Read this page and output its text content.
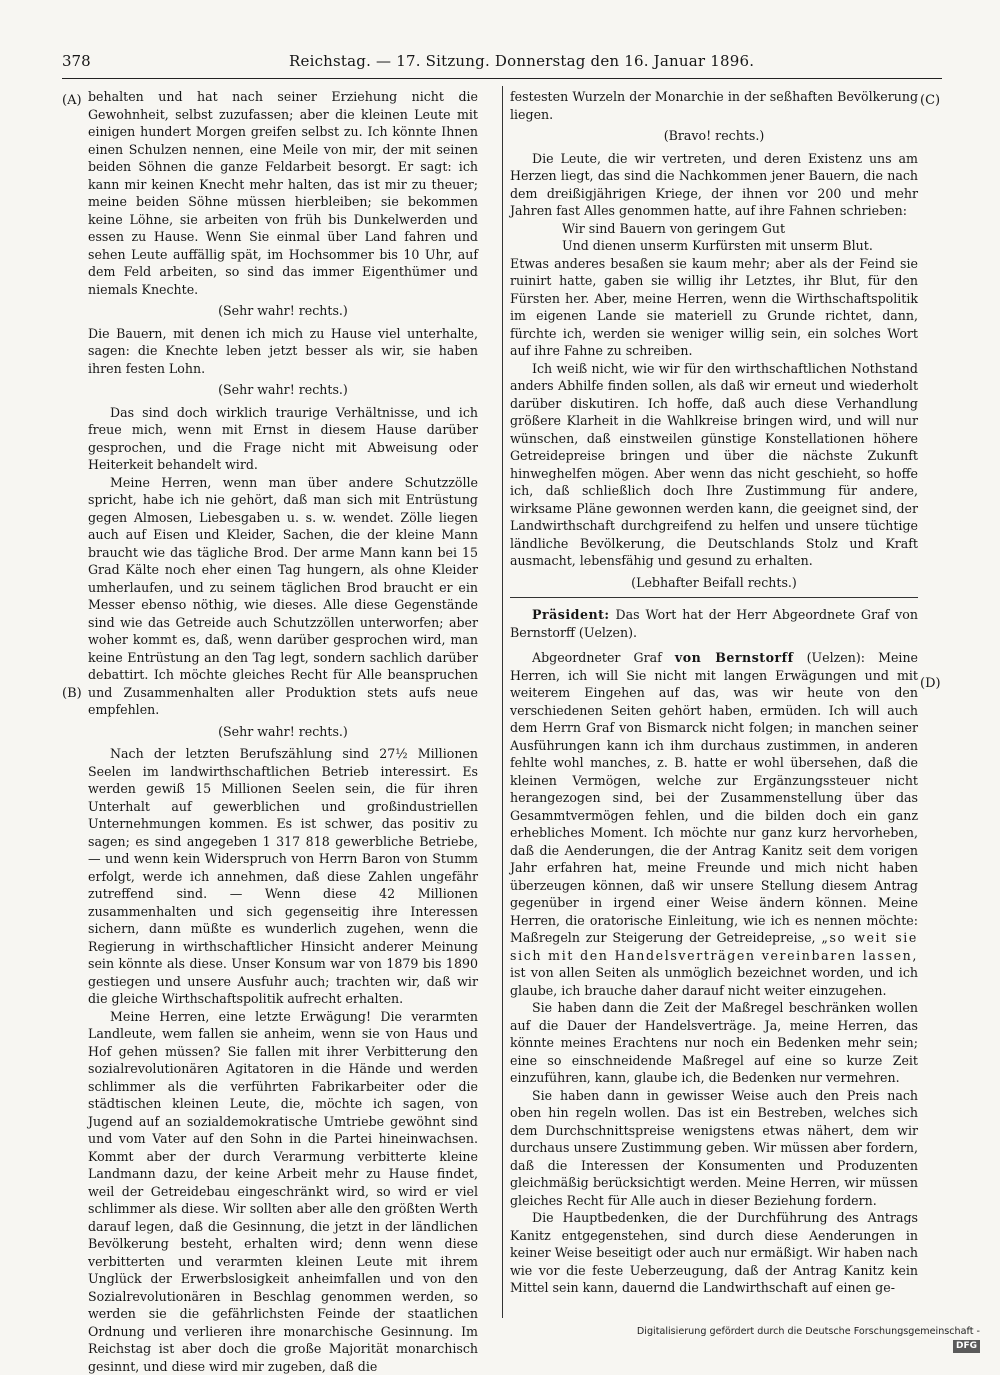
378	Reichstag. — 17. Sitzung. Donnerstag den 16. Januar 1896.
(A)
(B)
(C)
(D)

behalten und hat nach seiner Erziehung nicht die Gewohnheit, selbst zuzufassen; aber die kleinen Leute mit einigen hundert Morgen greifen selbst zu. Ich könnte Ihnen einen Schulzen nennen, eine Meile von mir, der mit seinen beiden Söhnen die ganze Feldarbeit besorgt. Er sagt: ich kann mir keinen Knecht mehr halten, das ist mir zu theuer; meine beiden Söhne müssen hierbleiben; sie bekommen keine Löhne, sie arbeiten von früh bis Dunkelwerden und essen zu Hause. Wenn Sie einmal über Land fahren und sehen Leute auffällig spät, im Hochsommer bis 10 Uhr, auf dem Feld arbeiten, so sind das immer Eigenthümer und niemals Knechte.

(Sehr wahr! rechts.)

Die Bauern, mit denen ich mich zu Hause viel unterhalte, sagen: die Knechte leben jetzt besser als wir, sie haben ihren festen Lohn.

(Sehr wahr! rechts.)

Das sind doch wirklich traurige Verhältnisse, und ich freue mich, wenn mit Ernst in diesem Hause darüber gesprochen, und die Frage nicht mit Abweisung oder Heiterkeit behandelt wird.

Meine Herren, wenn man über andere Schutzzölle spricht, habe ich nie gehört, daß man sich mit Entrüstung gegen Almosen, Liebesgaben u. s. w. wendet. Zölle liegen auch auf Eisen und Kleider, Sachen, die der kleine Mann braucht wie das tägliche Brod. Der arme Mann kann bei 15 Grad Kälte noch eher einen Tag hungern, als ohne Kleider umherlaufen, und zu seinem täglichen Brod braucht er ein Messer ebenso nöthig, wie dieses. Alle diese Gegenstände sind wie das Getreide auch Schutzzöllen unterworfen; aber woher kommt es, daß, wenn darüber gesprochen wird, man keine Entrüstung an den Tag legt, sondern sachlich darüber debattirt. Ich möchte gleiches Recht für Alle beanspruchen und Zusammenhalten aller Produktion stets aufs neue empfehlen.

(Sehr wahr! rechts.)

Nach der letzten Berufszählung sind 27½ Millionen Seelen im landwirthschaftlichen Betrieb interessirt. Es werden gewiß 15 Millionen Seelen sein, die für ihren Unterhalt auf gewerblichen und großindustriellen Unternehmungen kommen. Es ist schwer, das positiv zu sagen; es sind angegeben 1 317 818 gewerbliche Betriebe, — und wenn kein Widerspruch von Herrn Baron von Stumm erfolgt, werde ich annehmen, daß diese Zahlen ungefähr zutreffend sind. — Wenn diese 42 Millionen zusammenhalten und sich gegenseitig ihre Interessen sichern, dann müßte es wunderlich zugehen, wenn die Regierung in wirthschaftlicher Hinsicht anderer Meinung sein könnte als diese. Unser Konsum war von 1879 bis 1890 gestiegen und unsere Ausfuhr auch; trachten wir, daß wir die gleiche Wirthschaftspolitik aufrecht erhalten.

Meine Herren, eine letzte Erwägung! Die verarmten Landleute, wem fallen sie anheim, wenn sie von Haus und Hof gehen müssen? Sie fallen mit ihrer Verbitterung den sozialrevolutionären Agitatoren in die Hände und werden schlimmer als die verführten Fabrikarbeiter oder die städtischen kleinen Leute, die, möchte ich sagen, von Jugend auf an sozialdemokratische Umtriebe gewöhnt sind und vom Vater auf den Sohn in die Partei hineinwachsen. Kommt aber der durch Verarmung verbitterte kleine Landmann dazu, der keine Arbeit mehr zu Hause findet, weil der Getreidebau eingeschränkt wird, so wird er viel schlimmer als diese. Wir sollten aber alle den größten Werth darauf legen, daß die Gesinnung, die jetzt in der ländlichen Bevölkerung besteht, erhalten wird; denn wenn diese verbitterten und verarmten kleinen Leute mit ihrem Unglück der Erwerbslosigkeit anheimfallen und von den Sozialrevolutionären in Beschlag genommen werden, so werden sie die gefährlichsten Feinde der staatlichen Ordnung und verlieren ihre monarchische Gesinnung. Im Reichstag ist aber doch die große Majorität monarchisch gesinnt, und diese wird mir zugeben, daß die

festesten Wurzeln der Monarchie in der seßhaften Bevölkerung liegen.

(Bravo! rechts.)

Die Leute, die wir vertreten, und deren Existenz uns am Herzen liegt, das sind die Nachkommen jener Bauern, die nach dem dreißigjährigen Kriege, der ihnen vor 200 und mehr Jahren fast Alles genommen hatte, auf ihre Fahnen schrieben:

Wir sind Bauern von geringem Gut

Und dienen unserm Kurfürsten mit unserm Blut.

Etwas anderes besaßen sie kaum mehr; aber als der Feind sie ruinirt hatte, gaben sie willig ihr Letztes, ihr Blut, für den Fürsten her. Aber, meine Herren, wenn die Wirthschaftspolitik im eigenen Lande sie materiell zu Grunde richtet, dann, fürchte ich, werden sie weniger willig sein, ein solches Wort auf ihre Fahne zu schreiben.

Ich weiß nicht, wie wir für den wirthschaftlichen Nothstand anders Abhilfe finden sollen, als daß wir erneut und wiederholt darüber diskutiren. Ich hoffe, daß auch diese Verhandlung größere Klarheit in die Wahlkreise bringen wird, und will nur wünschen, daß einstweilen günstige Konstellationen höhere Getreidepreise bringen und über die nächste Zukunft hinweghelfen mögen. Aber wenn das nicht geschieht, so hoffe ich, daß schließlich doch Ihre Zustimmung für andere, wirksame Pläne gewonnen werden kann, die geeignet sind, der Landwirthschaft durchgreifend zu helfen und unsere tüchtige ländliche Bevölkerung, die Deutschlands Stolz und Kraft ausmacht, lebensfähig und gesund zu erhalten.

(Lebhafter Beifall rechts.)

Präsident: Das Wort hat der Herr Abgeordnete Graf von Bernstorff (Uelzen).

Abgeordneter Graf von Bernstorff (Uelzen): Meine Herren, ich will Sie nicht mit langen Erwägungen und mit weiterem Eingehen auf das, was wir heute von den verschiedenen Seiten gehört haben, ermüden. Ich will auch dem Herrn Graf von Bismarck nicht folgen; in manchen seiner Ausführungen kann ich ihm durchaus zustimmen, in anderen fehlte wohl manches, z. B. hatte er wohl übersehen, daß die kleinen Vermögen, welche zur Ergänzungssteuer nicht herangezogen sind, bei der Zusammenstellung über das Gesammtvermögen fehlen, und die bilden doch ein ganz erhebliches Moment. Ich möchte nur ganz kurz hervorheben, daß die Aenderungen, die der Antrag Kanitz seit dem vorigen Jahr erfahren hat, meine Freunde und mich nicht haben überzeugen können, daß wir unsere Stellung diesem Antrag gegenüber in irgend einer Weise ändern können. Meine Herren, die oratorische Einleitung, wie ich es nennen möchte: Maßregeln zur Steigerung der Getreidepreise, „so weit sie sich mit den Handelsverträgen vereinbaren lassen, ist von allen Seiten als unmöglich bezeichnet worden, und ich glaube, ich brauche daher darauf nicht weiter einzugehen.

Sie haben dann die Zeit der Maßregel beschränken wollen auf die Dauer der Handelsverträge. Ja, meine Herren, das könnte meines Erachtens nur noch ein Bedenken mehr sein; eine so einschneidende Maßregel auf eine so kurze Zeit einzuführen, kann, glaube ich, die Bedenken nur vermehren.

Sie haben dann in gewisser Weise auch den Preis nach oben hin regeln wollen. Das ist ein Bestreben, welches sich dem Durchschnittspreise wenigstens etwas nähert, dem wir durchaus unsere Zustimmung geben. Wir müssen aber fordern, daß die Interessen der Konsumenten und Produzenten gleichmäßig berücksichtigt werden. Meine Herren, wir müssen gleiches Recht für Alle auch in dieser Beziehung fordern.

Die Hauptbedenken, die der Durchführung des Antrags Kanitz entgegenstehen, sind durch diese Aenderungen in keiner Weise beseitigt oder auch nur ermäßigt. Wir haben nach wie vor die feste Ueberzeugung, daß der Antrag Kanitz kein Mittel sein kann, dauernd die Landwirthschaft auf einen ge-

Digitalisierung gefördert durch die Deutsche Forschungsgemeinschaft -DFG
